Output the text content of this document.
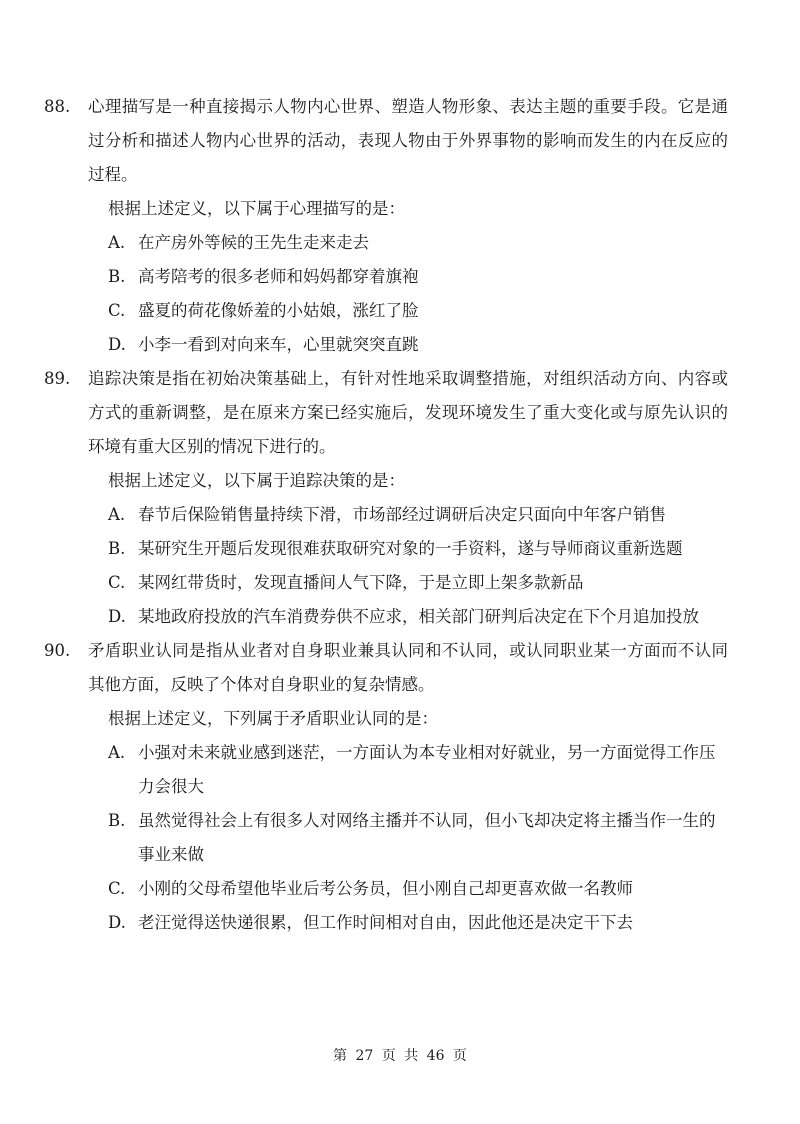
88.	心理描写是一种直接揭示人物内心世界、塑造人物形象、表达主题的重要手段。它是通过分析和描述人物内心世界的活动，表现人物由于外界事物的影响而发生的内在反应的过程。
根据上述定义，以下属于心理描写的是：
A. 在产房外等候的王先生走来走去
B. 高考陪考的很多老师和妈妈都穿着旗袍
C. 盛夏的荷花像娇羞的小姑娘，涨红了脸
D. 小李一看到对向来车，心里就突突直跳
89.	追踪决策是指在初始决策基础上，有针对性地采取调整措施，对组织活动方向、内容或方式的重新调整，是在原来方案已经实施后，发现环境发生了重大变化或与原先认识的环境有重大区别的情况下进行的。
根据上述定义，以下属于追踪决策的是：
A. 春节后保险销售量持续下滑，市场部经过调研后决定只面向中年客户销售
B. 某研究生开题后发现很难获取研究对象的一手资料，遂与导师商议重新选题
C. 某网红带货时，发现直播间人气下降，于是立即上架多款新品
D. 某地政府投放的汽车消费券供不应求，相关部门研判后决定在下个月追加投放
90.	矛盾职业认同是指从业者对自身职业兼具认同和不认同，或认同职业某一方面而不认同其他方面，反映了个体对自身职业的复杂情感。
根据上述定义，下列属于矛盾职业认同的是：
A. 小强对未来就业感到迷茫，一方面认为本专业相对好就业，另一方面觉得工作压力会很大
B. 虽然觉得社会上有很多人对网络主播并不认同，但小飞却决定将主播当作一生的事业来做
C. 小刚的父母希望他毕业后考公务员，但小刚自己却更喜欢做一名教师
D. 老汪觉得送快递很累，但工作时间相对自由，因此他还是决定干下去
第 27 页 共 46 页
